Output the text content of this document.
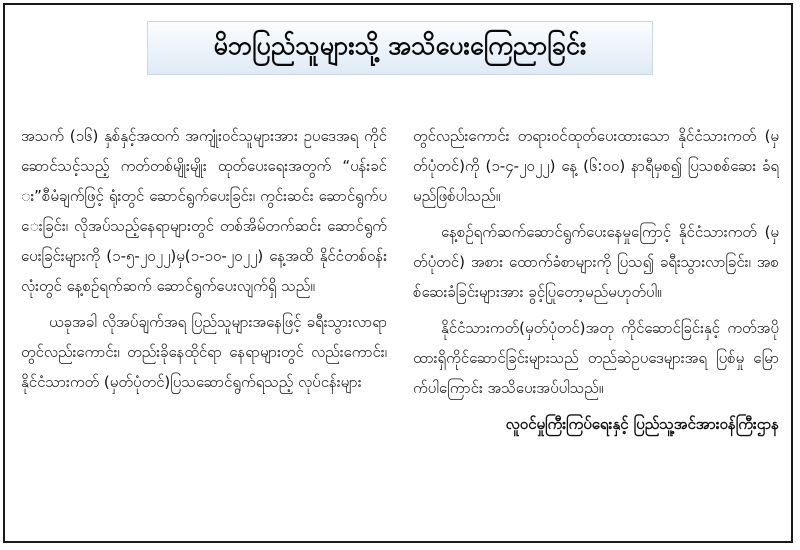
မိဘပြည်သူများသို့ အသိပေးကြေညာခြင်း

အသက် (၁၆) နှစ်နှင့်အထက် အကျုံးဝင်သူများအား ဥပဒေအရ ကိုင်ဆောင်သင့်သည့် ကတ်တစ်မျိုးမျိုး ထုတ်ပေးရေးအတွက် “ပန်းခင်း”စီမံချက်ဖြင့် ရုံးတွင် ဆောင်ရွက်ပေးခြင်း၊ ကွင်းဆင်း ဆောင်ရွက်ပေးခြင်း၊ လိုအပ်သည့်နေရာများတွင် တစ်အိမ်တက်ဆင်း ဆောင်ရွက်ပေးခြင်းများကို (၁-၅-၂၀၂၂)မှ(၁-၁၀-၂၀၂၂) နေ့အထိ နိုင်ငံတစ်ဝန်းလုံးတွင် နေ့စဉ်ရက်ဆက် ဆောင်ရွက်ပေးလျက်ရှိ သည်။

ယခုအခါ လိုအပ်ချက်အရ ပြည်သူများအနေဖြင့် ခရီးသွားလာရာ တွင်လည်းကောင်း၊ တည်းခိုနေထိုင်ရာ နေရာများတွင် လည်းကောင်း၊ နိုင်ငံသားကတ် (မှတ်ပုံတင်)ပြသဆောင်ရွက်ရသည့် လုပ်ငန်းများ

တွင်လည်းကောင်း တရားဝင်ထုတ်ပေးထားသော နိုင်ငံသားကတ် (မှတ်ပုံတင်)ကို (၁-၄-၂၀၂၂) နေ့ (၆:၀၀) နာရီမှစ၍ ပြသစစ်ဆေး ခံရမည်ဖြစ်ပါသည်။

နေ့စဉ်ရက်ဆက်ဆောင်ရွက်ပေးနေမှုကြောင့် နိုင်ငံသားကတ် (မှတ်ပုံတင်) အစား ထောက်ခံစာများကို ပြသ၍ ခရီးသွားလာခြင်း၊ အစစ်ဆေးခံခြင်းများအား ခွင့်ပြုတော့မည်မဟုတ်ပါ။

နိုင်ငံသားကတ်(မှတ်ပုံတင်)အတု ကိုင်ဆောင်ခြင်းနှင့် ကတ်အပို ထားရှိကိုင်ဆောင်ခြင်းများသည် တည်ဆဲဥပဒေများအရ ပြစ်မှု မြောက်ပါကြောင်း အသိပေးအပ်ပါသည်။

လူဝင်မှုကြီးကြပ်ရေးနှင့် ပြည်သူ့အင်အားဝန်ကြီးဌာန
